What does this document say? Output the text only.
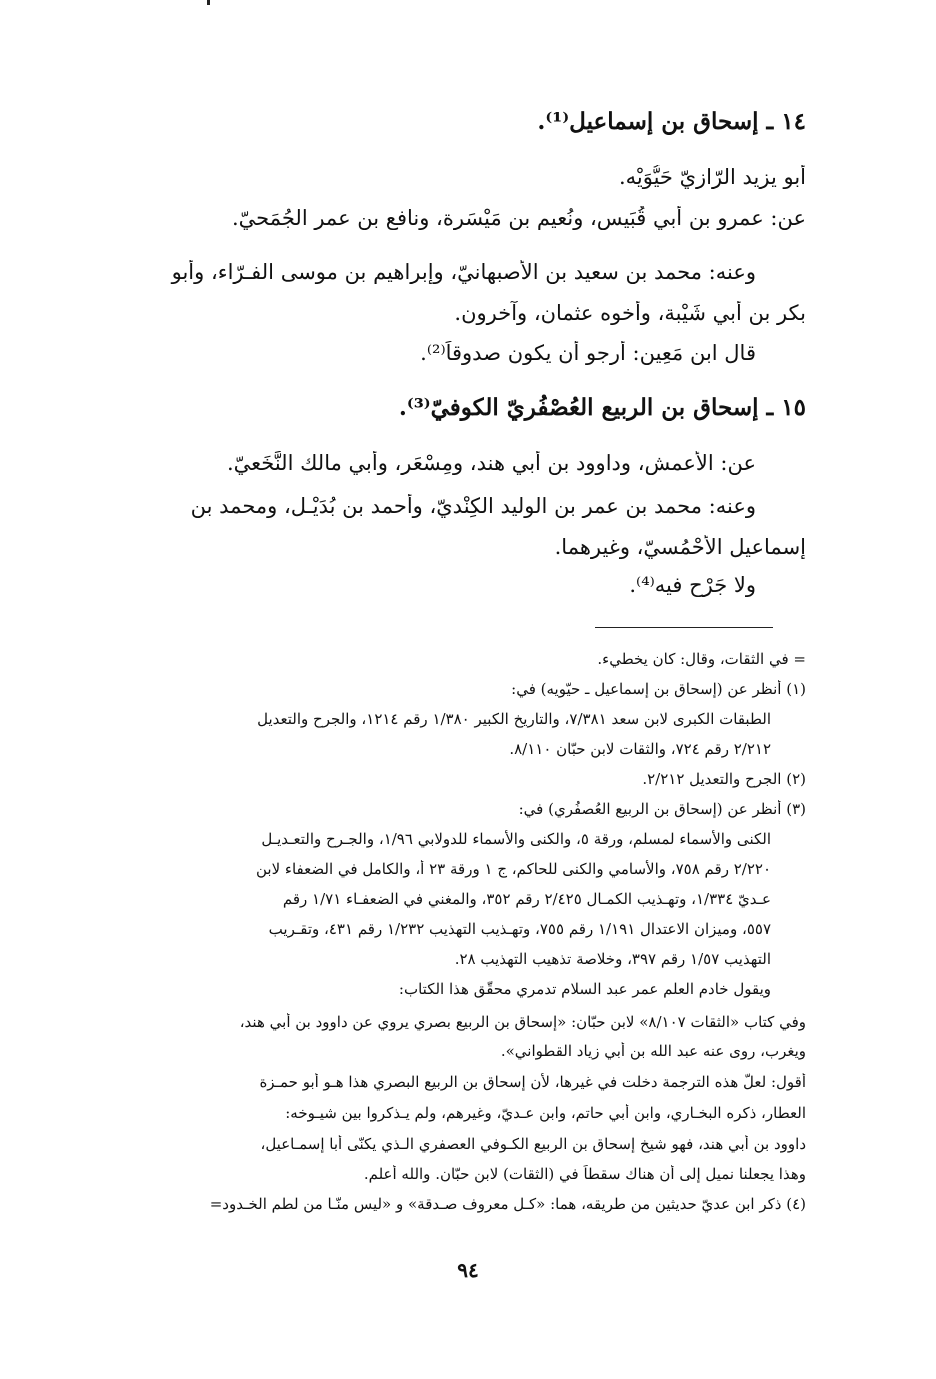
١٤ ـ إسحاق بن إسماعيل⁽¹⁾.
أبو يزيد الرّازيّ حَيُّوَيْه.
عن: عمرو بن أبي قُبَيس، ونُعيم بن مَيْسَرة، ونافع بن عمر الجُمَحيّ.
وعنه: محمد بن سعيد بن الأصبهانيّ، وإبراهيم بن موسى الفـرّاء، وأبو
بكر بن أبي شَيْبة، وأخوه عثمان، وآخرون.
قال ابن مَعِين: أرجو أن يكون صدوقاً⁽²⁾.
١٥ ـ إسحاق بن الربيع العُصْفُريّ الكوفيّ⁽³⁾.
عن: الأعمش، وداوود بن أبي هند، ومِسْعَر، وأبي مالك النَّخَعيّ.
وعنه: محمد بن عمر بن الوليد الكِنْديّ، وأحمد بن بُدَيْـل، ومحمد بن
إسماعيل الأحْمُسيّ، وغيرهما.
ولا جَرْح فيه⁽⁴⁾.
= في الثقات، وقال: كان يخطيء.
(١) أنظر عن (إسحاق بن إسماعيل ـ حيّويه) في:
الطبقات الكبرى لابن سعد ٧/٣٨١، والتاريخ الكبير ١/٣٨٠ رقم ١٢١٤، والجرح والتعديل
٢/٢١٢ رقم ٧٢٤، والثقات لابن حبّان ٨/١١٠.
(٢) الجرح والتعديل ٢/٢١٢.
(٣) أنظر عن (إسحاق بن الربيع العُصفُري) في:
الكنى والأسماء لمسلم، ورقة ٥، والكنى والأسماء للدولابي ١/٩٦، والجـرح والتعـديـل
٢/٢٢٠ رقم ٧٥٨، والأسامي والكنى للحاكم، ج ١ ورقة ٢٣ أ، والكامل في الضعفاء لابن
عـديّ ١/٣٣٤، وتهـذيب الكمـال ٢/٤٢٥ رقم ٣٥٢، والمغني في الضعفـاء ١/٧١ رقم
٥٥٧، وميزان الاعتدال ١/١٩١ رقم ٧٥٥، وتهـذيب التهذيب ١/٢٣٢ رقم ٤٣١، وتقـريب
التهذيب ١/٥٧ رقم ٣٩٧، وخلاصة تذهيب التهذيب ٢٨.
ويقول خادم العلم عمر عبد السلام تدمري محقّق هذا الكتاب:
وفي كتاب «الثقات ٨/١٠٧» لابن حبّان: «إسحاق بن الربيع بصري يروي عن داوود بن أبي هند،
ويغرب، روى عنه عبد الله بن أبي زياد القطواني».
أقول: لعلّ هذه الترجمة دخلت في غيرها، لأن إسحاق بن الربيع البصري هذا هـو أبو حمـزة
العطار، ذكره البخـاري، وابن أبي حاتم، وابن عـديّ، وغيرهم، ولم يـذكروا بين شيـوخه:
داوود بن أبي هند، فهو شيخ إسحاق بن الربيع الكـوفي العصفري الـذي يكنّى أبا إسمـاعيل،
وهذا يجعلنا نميل إلى أن هناك سقطاً في (الثقات) لابن حبّان. والله أعلم.
(٤) ذكر ابن عديّ حديثين من طريقه، هما: «كـل معروف صـدقة» و «ليس منّـا من لطم الخـدود=
٩٤
